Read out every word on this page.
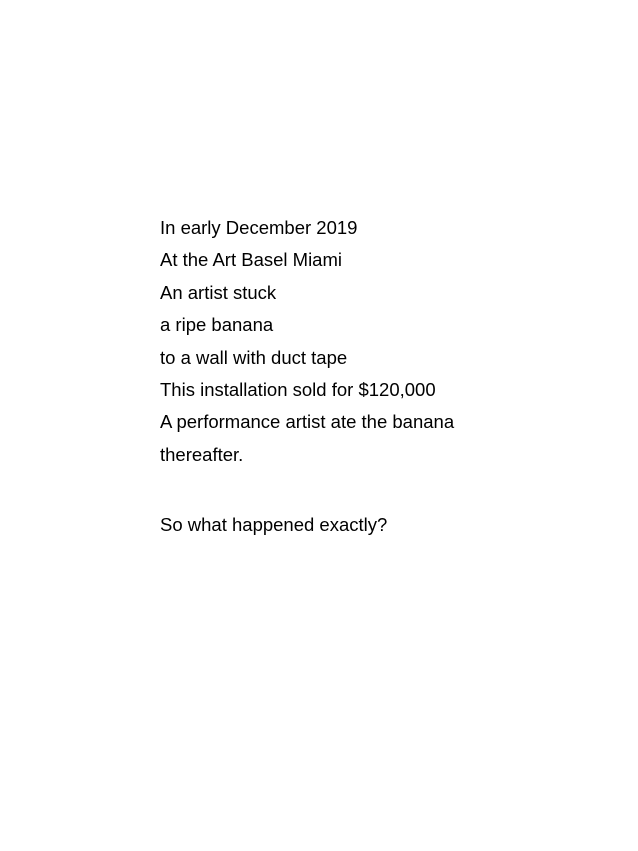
In early December 2019
At the Art Basel Miami
An artist stuck
a ripe banana
to a wall with duct tape
This installation sold for $120,000
A performance artist ate the banana
thereafter.
So what happened exactly?
